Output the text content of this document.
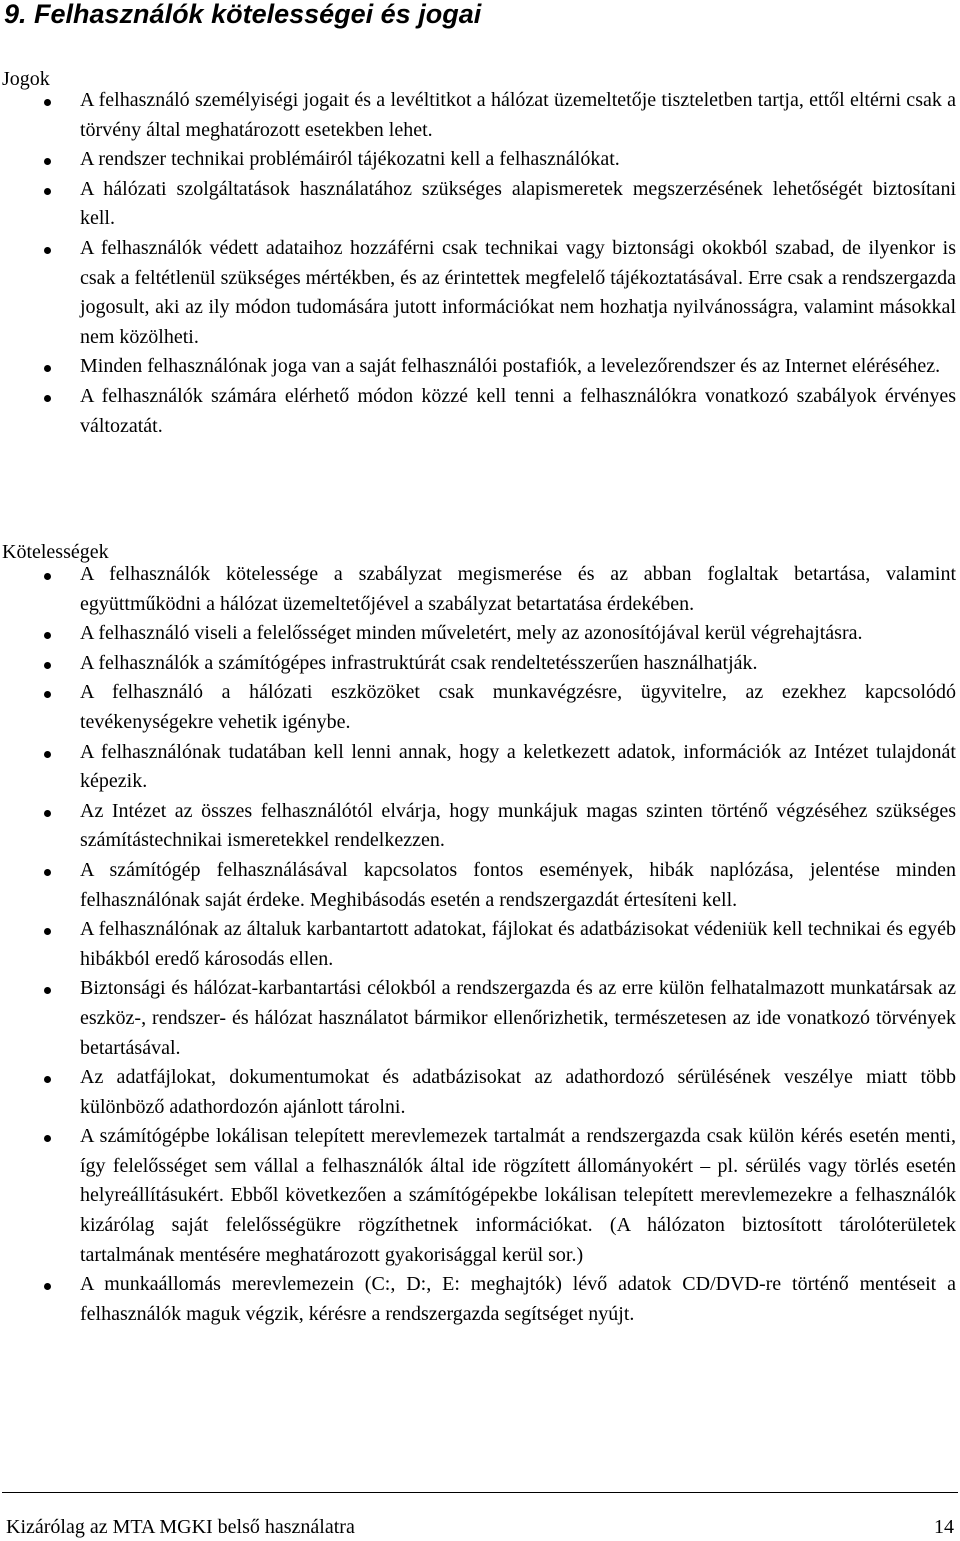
9. Felhasználók kötelességei és jogai
Jogok
A felhasználó személyiségi jogait és a levéltitkot a hálózat üzemeltetője tiszteletben tartja, ettől eltérni csak a törvény által meghatározott esetekben lehet.
A rendszer technikai problémáiról tájékozatni kell a felhasználókat.
A hálózati szolgáltatások használatához szükséges alapismeretek megszerzésének lehetőségét biztosítani kell.
A felhasználók védett adataihoz hozzáférni csak technikai vagy biztonsági okokból szabad, de ilyenkor is csak a feltétlenül szükséges mértékben, és az érintettek megfelelő tájékoztatásával. Erre csak a rendszergazda jogosult, aki az ily módon tudomására jutott információkat nem hozhatja nyilvánosságra, valamint másokkal nem közölheti.
Minden felhasználónak joga van a saját felhasználói postafiók, a levelezőrendszer és az Internet eléréséhez.
A felhasználók számára elérhető módon közzé kell tenni a felhasználókra vonatkozó szabályok érvényes változatát.
Kötelességek
A felhasználók kötelessége a szabályzat megismerése és az abban foglaltak betartása, valamint együttműködni a hálózat üzemeltetőjével a szabályzat betartatása érdekében.
A felhasználó viseli a felelősséget minden műveletért, mely az azonosítójával kerül végrehajtásra.
A felhasználók a számítógépes infrastruktúrát csak rendeltetésszerűen használhatják.
A felhasználó a hálózati eszközöket csak munkavégzésre, ügyvitelre, az ezekhez kapcsolódó tevékenységekre vehetik igénybe.
A felhasználónak tudatában kell lenni annak, hogy a keletkezett adatok, információk az Intézet tulajdonát képezik.
Az Intézet az összes felhasználótól elvárja, hogy munkájuk magas szinten történő végzéséhez szükséges számítástechnikai ismeretekkel rendelkezzen.
A számítógép felhasználásával kapcsolatos fontos események, hibák naplózása, jelentése minden felhasználónak saját érdeke. Meghibásodás esetén a rendszergazdát értesíteni kell.
A felhasználónak az általuk karbantartott adatokat, fájlokat és adatbázisokat védeniük kell technikai és egyéb hibákból eredő károsodás ellen.
Biztonsági és hálózat-karbantartási célokból a rendszergazda és az erre külön felhatalmazott munkatársak az eszköz-, rendszer- és hálózat használatot bármikor ellenőrizhetik, természetesen az ide vonatkozó törvények betartásával.
Az adatfájlokat, dokumentumokat és adatbázisokat az adathordozó sérülésének veszélye miatt több különböző adathordozón ajánlott tárolni.
A számítógépbe lokálisan telepített merevlemezek tartalmát a rendszergazda csak külön kérés esetén menti, így felelősséget sem vállal a felhasználók által ide rögzített állományokért – pl. sérülés vagy törlés esetén helyreállításukért. Ebből következően a számítógépekbe lokálisan telepített merevlemezekre a felhasználók kizárólag saját felelősségükre rögzíthetnek információkat. (A hálózaton biztosított tárolóterületek tartalmának mentésére meghatározott gyakorisággal kerül sor.)
A munkaállomás merevlemezein (C:, D:, E: meghajtók) lévő adatok CD/DVD-re történő mentéseit a felhasználók maguk végzik, kérésre a rendszergazda segítséget nyújt.
Kizárólag az MTA MGKI belső használatra	14
